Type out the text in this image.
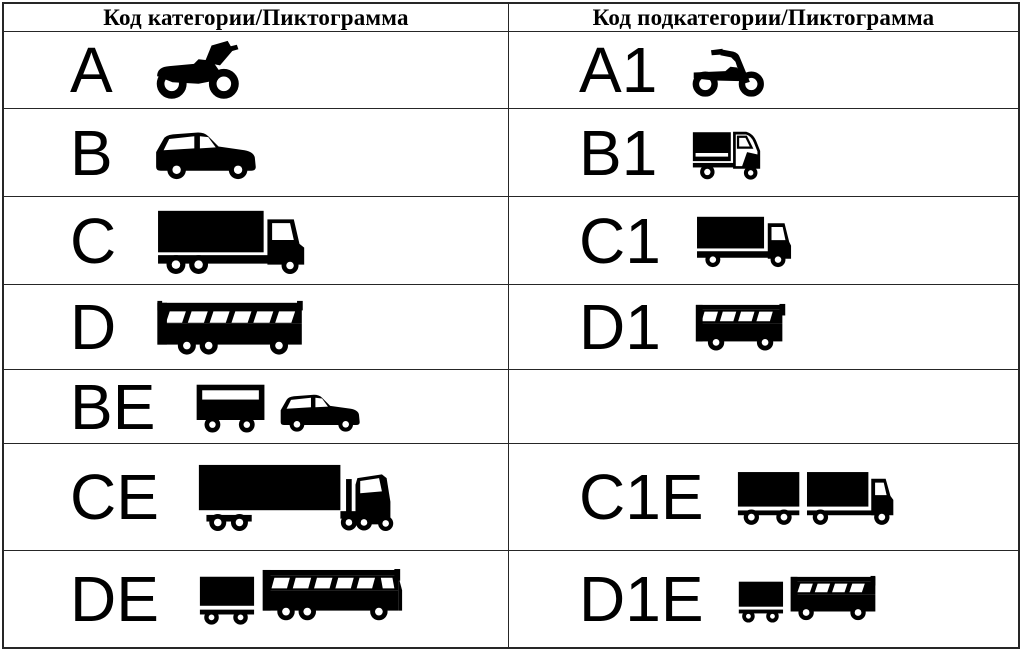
Код категории/Пиктограмма	Код подкатегории/Пиктограмма
A	A1
B	B1
C	C1
D	D1
BE
CE	C1E
DE	D1E
